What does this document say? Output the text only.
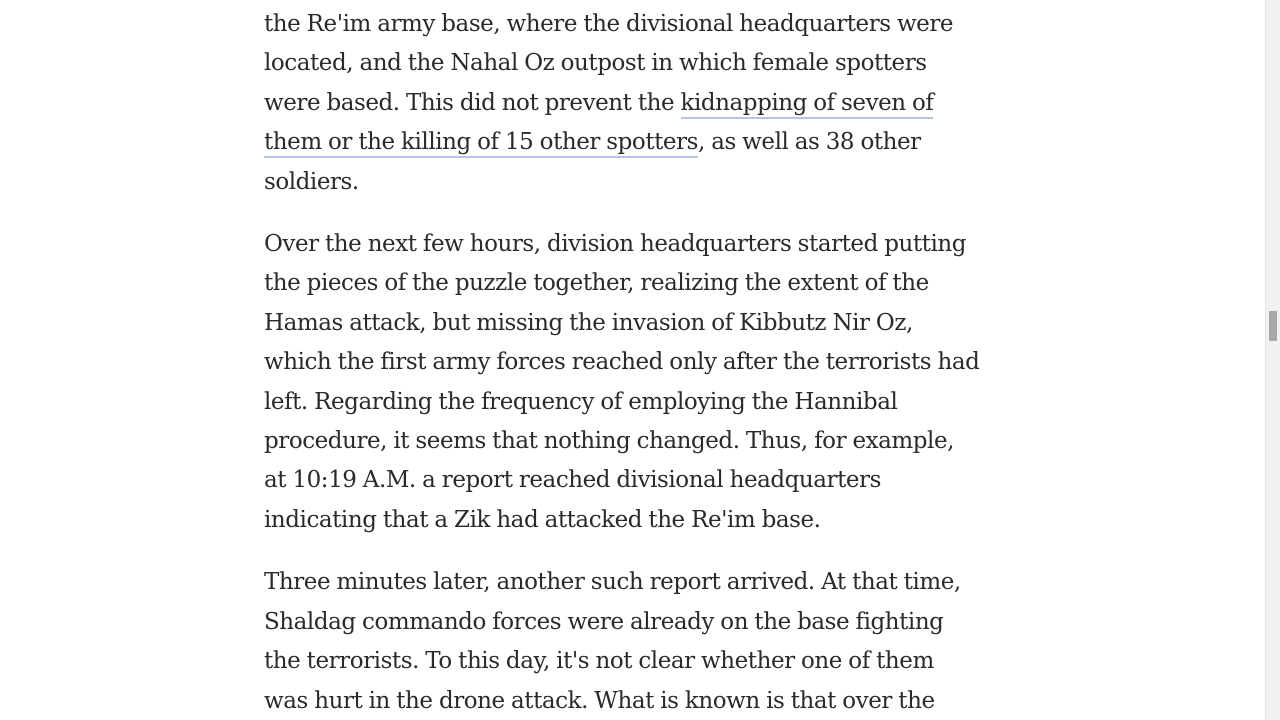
the Re'im army base, where the divisional headquarters were
located, and the Nahal Oz outpost in which female spotters
were based. This did not prevent the kidnapping of seven of
them or the killing of 15 other spotters, as well as 38 other
soldiers.

Over the next few hours, division headquarters started putting
the pieces of the puzzle together, realizing the extent of the
Hamas attack, but missing the invasion of Kibbutz Nir Oz,
which the first army forces reached only after the terrorists had
left. Regarding the frequency of employing the Hannibal
procedure, it seems that nothing changed. Thus, for example,
at 10:19 A.M. a report reached divisional headquarters
indicating that a Zik had attacked the Re'im base.

Three minutes later, another such report arrived. At that time,
Shaldag commando forces were already on the base fighting
the terrorists. To this day, it's not clear whether one of them
was hurt in the drone attack. What is known is that over the
